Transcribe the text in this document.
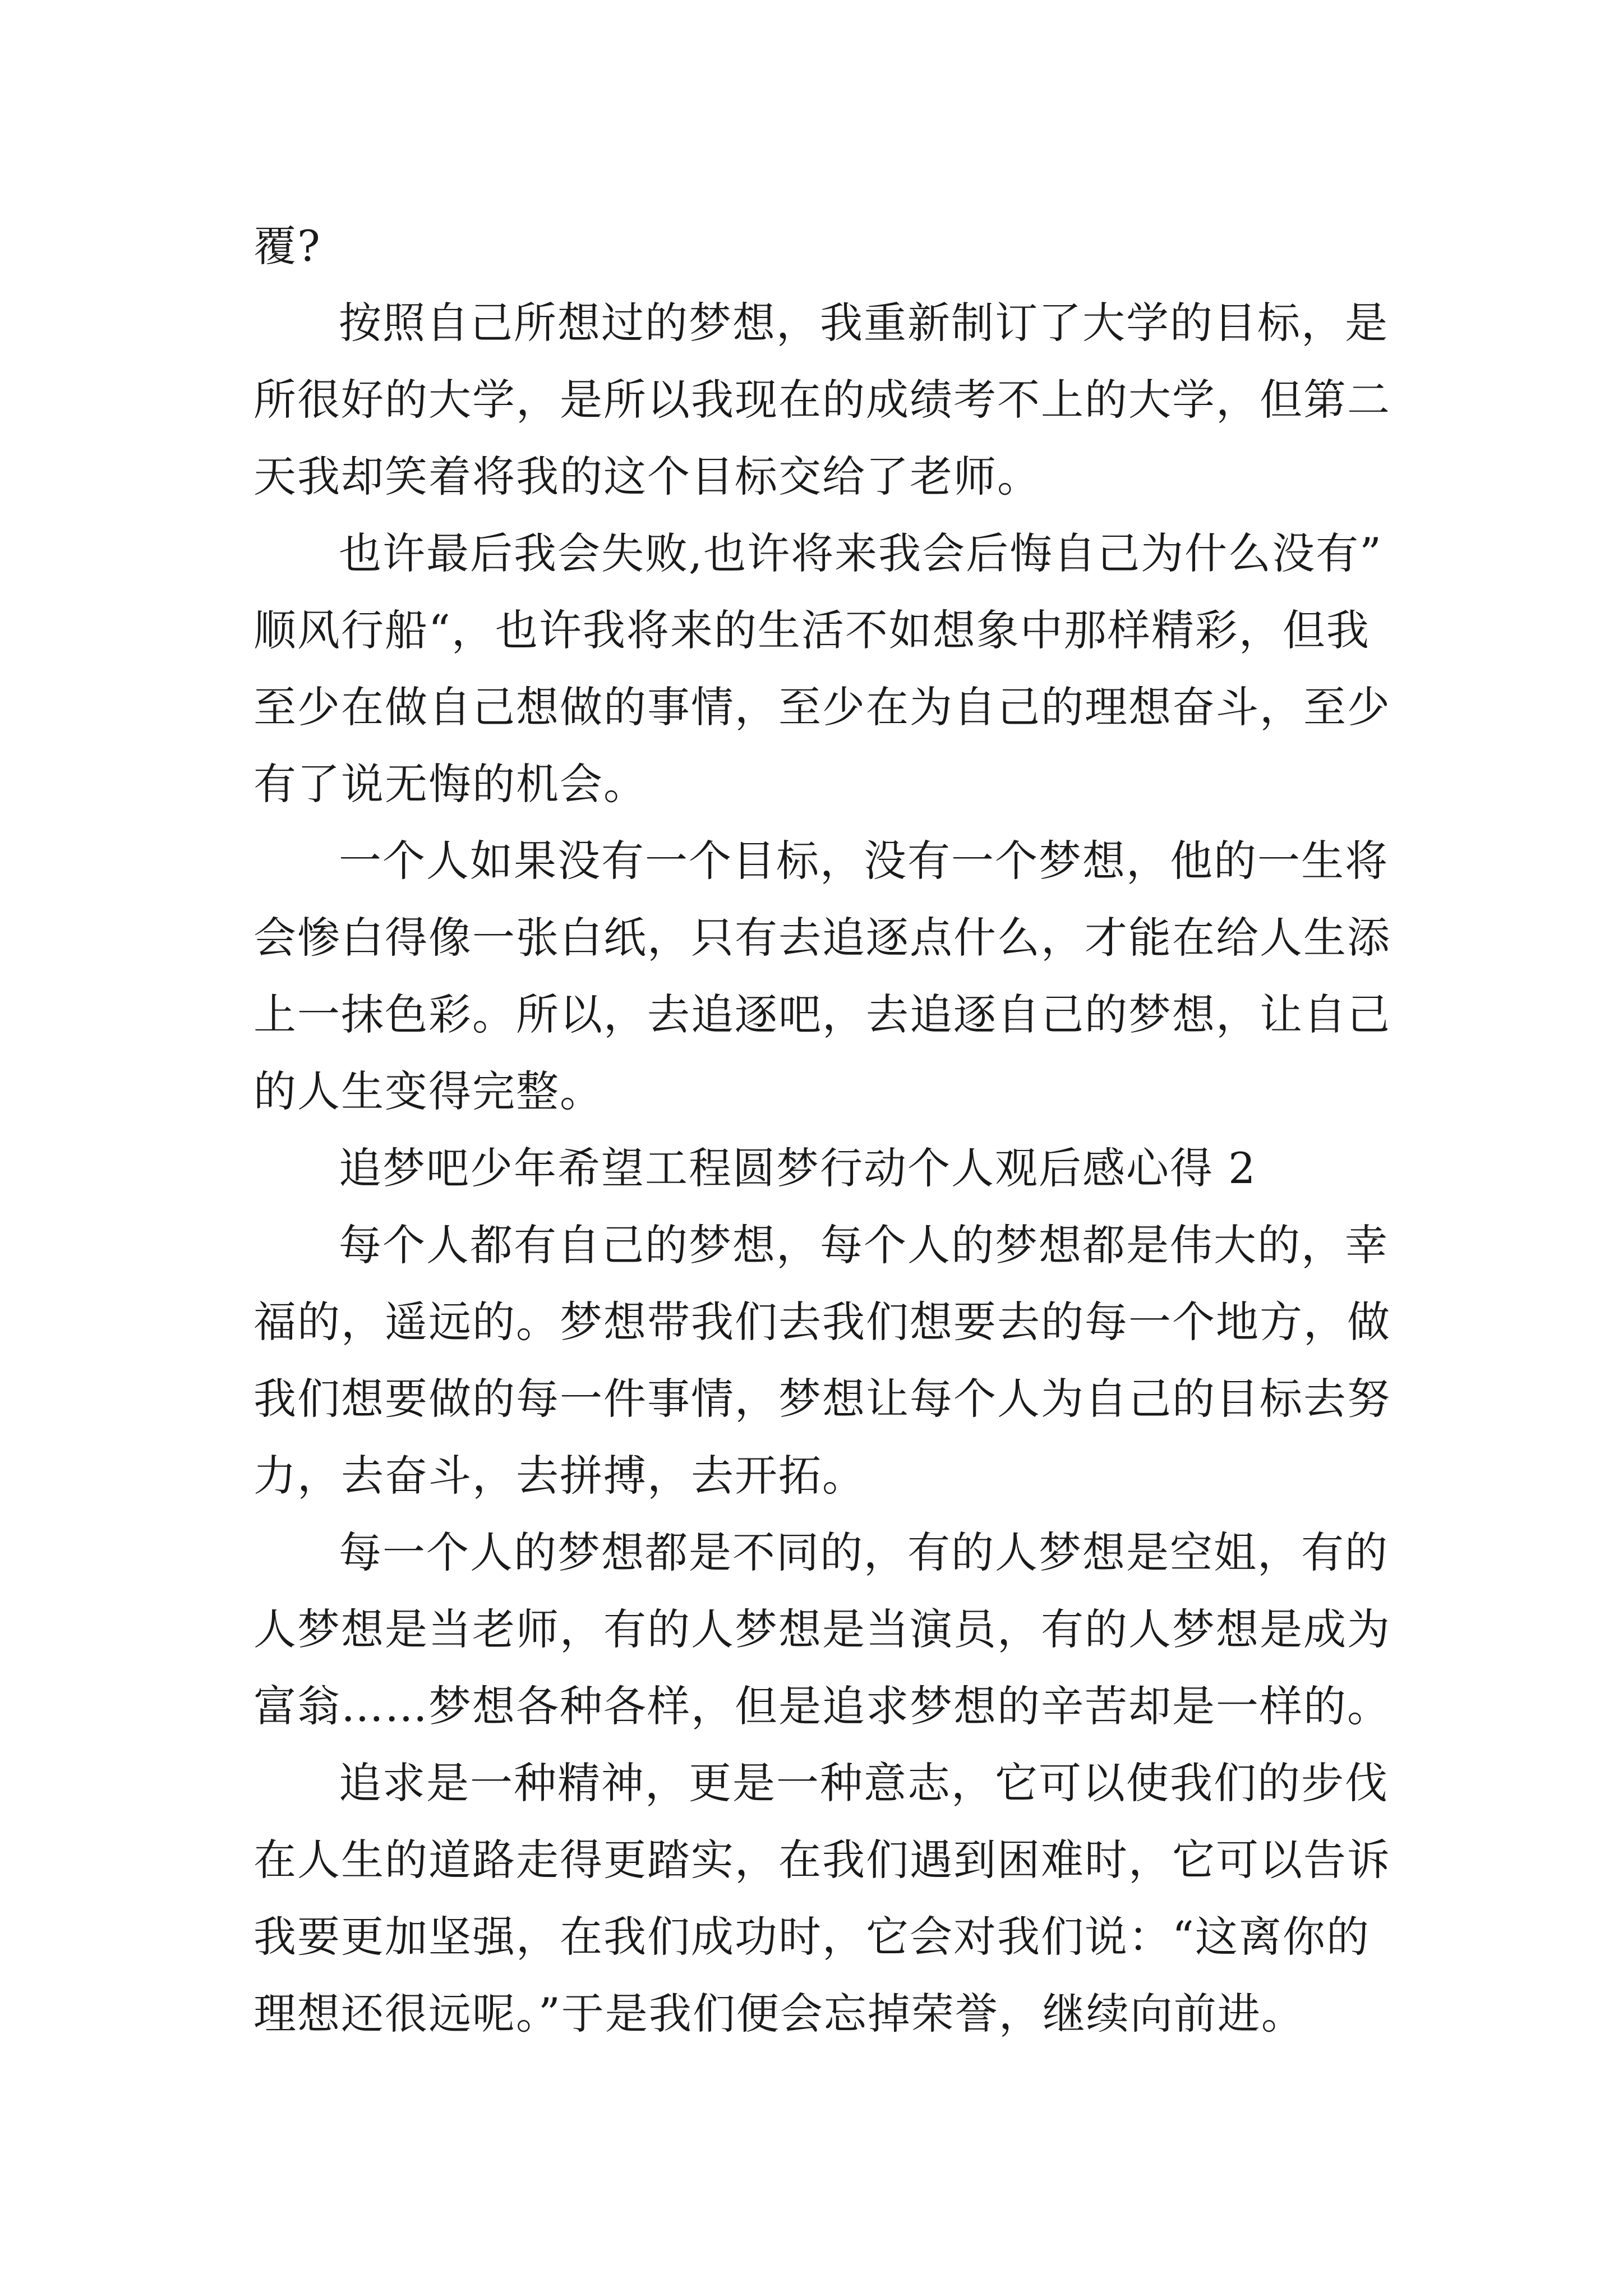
覆?
按照自己所想过的梦想，我重新制订了大学的目标，是
所很好的大学，是所以我现在的成绩考不上的大学，但第二
天我却笑着将我的这个目标交给了老师。
也许最后我会失败,也许将来我会后悔自己为什么没有”
顺风行船“，也许我将来的生活不如想象中那样精彩，但我
至少在做自己想做的事情，至少在为自己的理想奋斗，至少
有了说无悔的机会。
一个人如果没有一个目标，没有一个梦想，他的一生将
会惨白得像一张白纸，只有去追逐点什么，才能在给人生添
上一抹色彩。所以，去追逐吧，去追逐自己的梦想，让自己
的人生变得完整。
追梦吧少年希望工程圆梦行动个人观后感心得 2
每个人都有自己的梦想，每个人的梦想都是伟大的，幸
福的，遥远的。梦想带我们去我们想要去的每一个地方，做
我们想要做的每一件事情，梦想让每个人为自己的目标去努
力，去奋斗，去拼搏，去开拓。
每一个人的梦想都是不同的，有的人梦想是空姐，有的
人梦想是当老师，有的人梦想是当演员，有的人梦想是成为
富翁……梦想各种各样，但是追求梦想的辛苦却是一样的。
追求是一种精神，更是一种意志，它可以使我们的步伐
在人生的道路走得更踏实，在我们遇到困难时，它可以告诉
我要更加坚强，在我们成功时，它会对我们说：“这离你的
理想还很远呢。”于是我们便会忘掉荣誉，继续向前进。
